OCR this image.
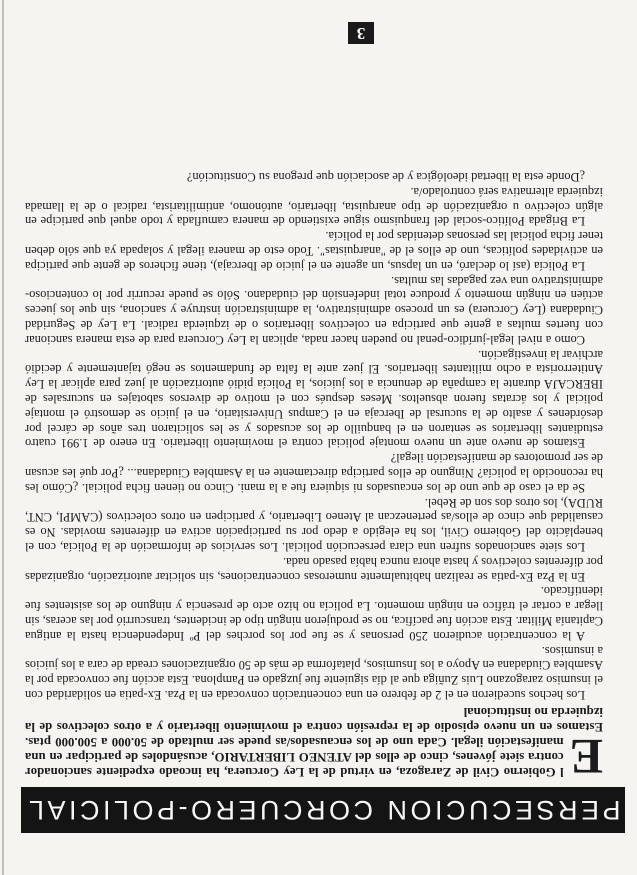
PERSECUCION CORCUERO-POLICIAL

E
l Gobierno Civil de Zaragoza, en virtud de la Ley Corcuera, ha incoado expediente sancionador contra siete jóvenes, cinco de ellos del ATENEO LIBERTARIO, acusándoles de participar en una manifestación ilegal. Cada uno de los encausados/as puede ser multado de 50.000 a 500.000 ptas. Estamos en un nuevo episodio de la represión contra el movimiento libertario y a otros colectivos de la izquierda no institucional

Los hechos sucedieron en el 2 de febrero en una concentración convocada en la Pza. Ex-patia en solidaridad con el insumiso zaragozano Luis Zuñiga que al día siguiente fue juzgado en Pamplona. Esta acción fue convocada por la Asamblea Ciudadana en Apoyo a los Insumisos, plataforma de más de 50 organizaciones creada de cara a los juicios a insumisos.

A la concentración acudieron 250 personas y se fue por los porches del Pº Independencia hasta la antigua Capitanía Militar. Esta acción fue pacífica, no se produjeron ningún tipo de incidentes, transcurrió por las aceras, sin llegar a cortar el tráfico en ningún momento. La policía no hizo acto de presencia y ninguno de los asistentes fue identificado.

En la Pza Ex-patia se realizan habitualmente numerosas concentraciones, sin solicitar autorización, organizadas por diferentes colectivos y hasta ahora nunca había pasado nada.

Los siete sancionados sufren una clara persecución policial. Los servicios de información de la Policía, con el beneplácito del Gobierno Civil, los ha elegido a dedo por su participación activa en diferentes movidas. No es casualidad que cinco de ellos/as pertenezcan al Ateneo Libertario, y participen en otros colectivos (CAMPI, CNT, RUDA), los otros dos son de Rebel.

Se da el caso de que uno de los encausados ni siquiera fue a la mani. Cinco no tienen ficha policial. ¿Cómo les ha reconocido la policía? Ninguno de ellos participa directamente en la Asamblea Ciudadana... ¿Por qué les acusan de ser promotores de manifestación ilegal?

Estamos de nuevo ante un nuevo montaje policial contra el movimiento libertario. En enero de 1.991 cuatro estudiantes libertarios se sentaron en el banquillo de los acusados y se les solicitaron tres años de cárcel por desórdenes y asalto de la sucursal de Ibercaja en el Campus Universitario, en el juicio se demostró el montaje policial y los ácratas fueron absueltos. Meses después con el motivo de diversos sabotajes en sucursales de IBERCAJA durante la campaña de denuncia a los juicios, la Policía pidió autorización al juez para aplicar la Ley Antiterrorista a ocho militantes libertarios. El juez ante la falta de fundamentos se negó tajantemente y decidió archivar la investigación.

Como a nivel legal-jurídico-penal no pueden hacer nada, aplican la Ley Corcuera para de esta manera sancionar con fuertes multas a gente que participa en colectivos libertarios o de izquierda radical. La Ley de Seguridad Ciudadana (Ley Corcuera) es un proceso administrativo, la administración instruye y sanciona, sin que los jueces actúen en ningún momento y produce total indefensión del ciudadano. Sólo se puede recurrir por lo contencioso-administrativo una vez pagadas las multas.

La Policía (así lo declaró, en un lapsus, un agente en el juicio de Ibercaja), tiene ficheros de gente que participa en actividades políticas, uno de ellos el de "anarquistas". Todo esto de manera ilegal y solapada ya que sólo deben tener ficha policial las personas detenidas por la policía.

La Brigada Político-social del franquismo sigue existiendo de manera camuflada y todo aquel que participe en algún colectivo u organización de tipo anarquista, libertario, autónomo, antimilitarista, radical o de la llamada izquierda alternativa será controlado/a.

¿Donde esta la libertad ideológica y de asociación que pregona su Constitución?

3
